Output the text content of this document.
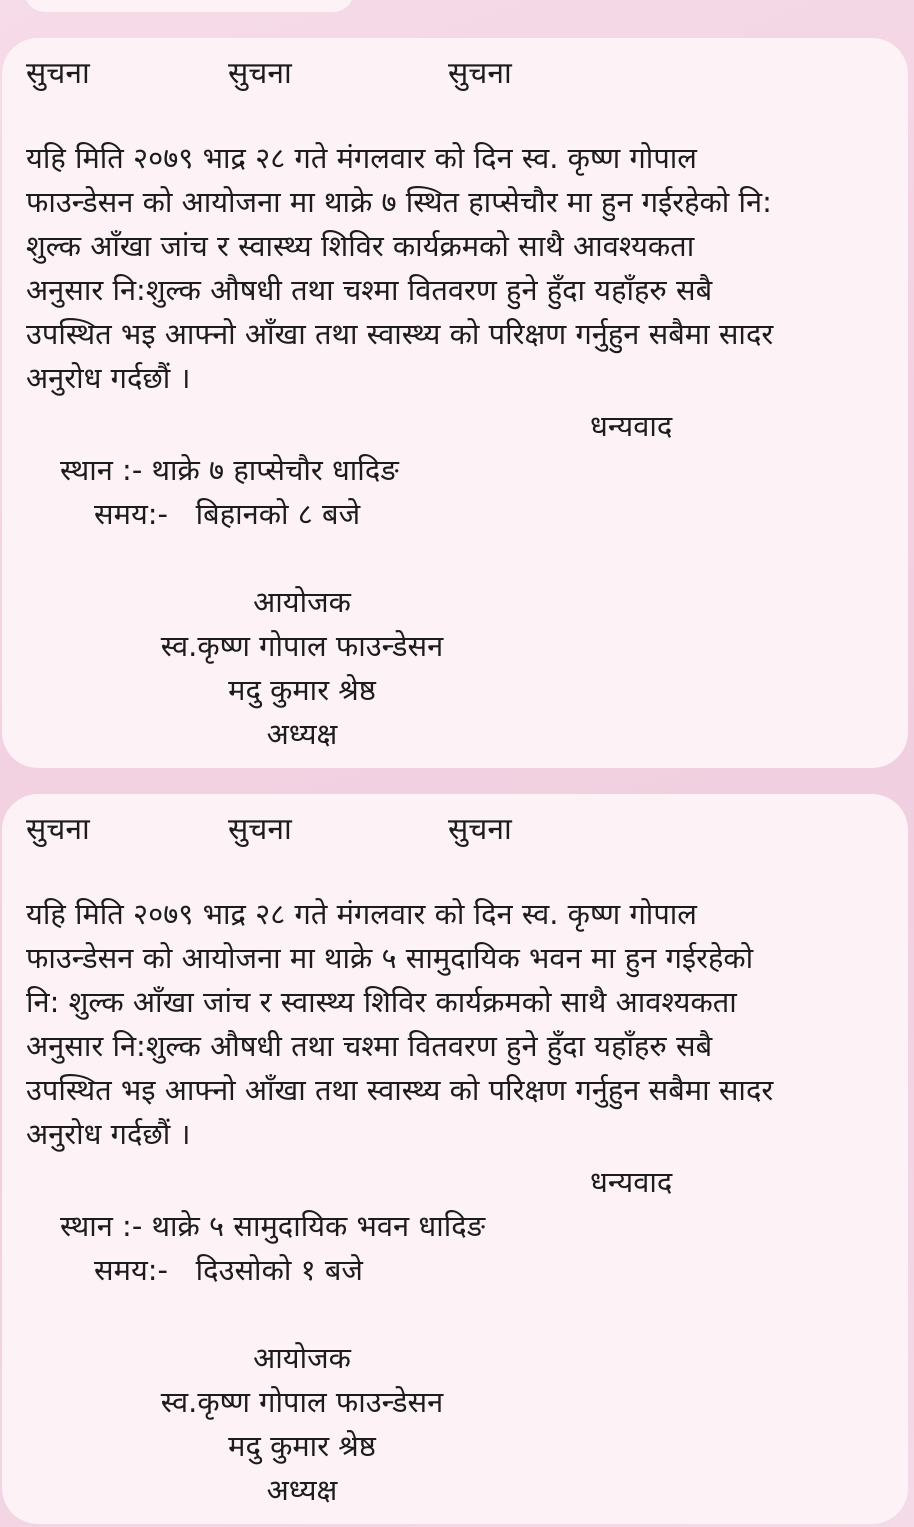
सुचना	सुचना	सुचना

यहि मिति २०७९ भाद्र २८ गते मंगलवार को दिन स्व. कृष्ण गोपाल
फाउन्डेसन को आयोजना मा थाक्रे ७ स्थित हाप्सेचौर मा हुन गईरहेको नि:
शुल्क आँखा जांच र स्वास्थ्य शिविर कार्यक्रमको साथै आवश्यकता
अनुसार नि:शुल्क औषधी तथा चश्मा वितवरण हुने हुँदा यहाँहरु सबै
उपस्थित भइ आफ्नो आँखा तथा स्वास्थ्य को परिक्षण गर्नुहुन सबैमा सादर
अनुरोध गर्दछौं ।

धन्यवाद
स्थान :- थाक्रे ७ हाप्सेचौर धादिङ
समय:-   बिहानको ८ बजे
आयोजक
स्व.कृष्ण गोपाल फाउन्डेसन
मदु कुमार श्रेष्ठ
अध्यक्ष
सुचना	सुचना	सुचना

यहि मिति २०७९ भाद्र २८ गते मंगलवार को दिन स्व. कृष्ण गोपाल
फाउन्डेसन को आयोजना मा थाक्रे ५ सामुदायिक भवन मा हुन गईरहेको
नि: शुल्क आँखा जांच र स्वास्थ्य शिविर कार्यक्रमको साथै आवश्यकता
अनुसार नि:शुल्क औषधी तथा चश्मा वितवरण हुने हुँदा यहाँहरु सबै
उपस्थित भइ आफ्नो आँखा तथा स्वास्थ्य को परिक्षण गर्नुहुन सबैमा सादर
अनुरोध गर्दछौं ।

धन्यवाद
स्थान :- थाक्रे ५ सामुदायिक भवन धादिङ
समय:-   दिउसोको १ बजे
आयोजक
स्व.कृष्ण गोपाल फाउन्डेसन
मदु कुमार श्रेष्ठ
अध्यक्ष
